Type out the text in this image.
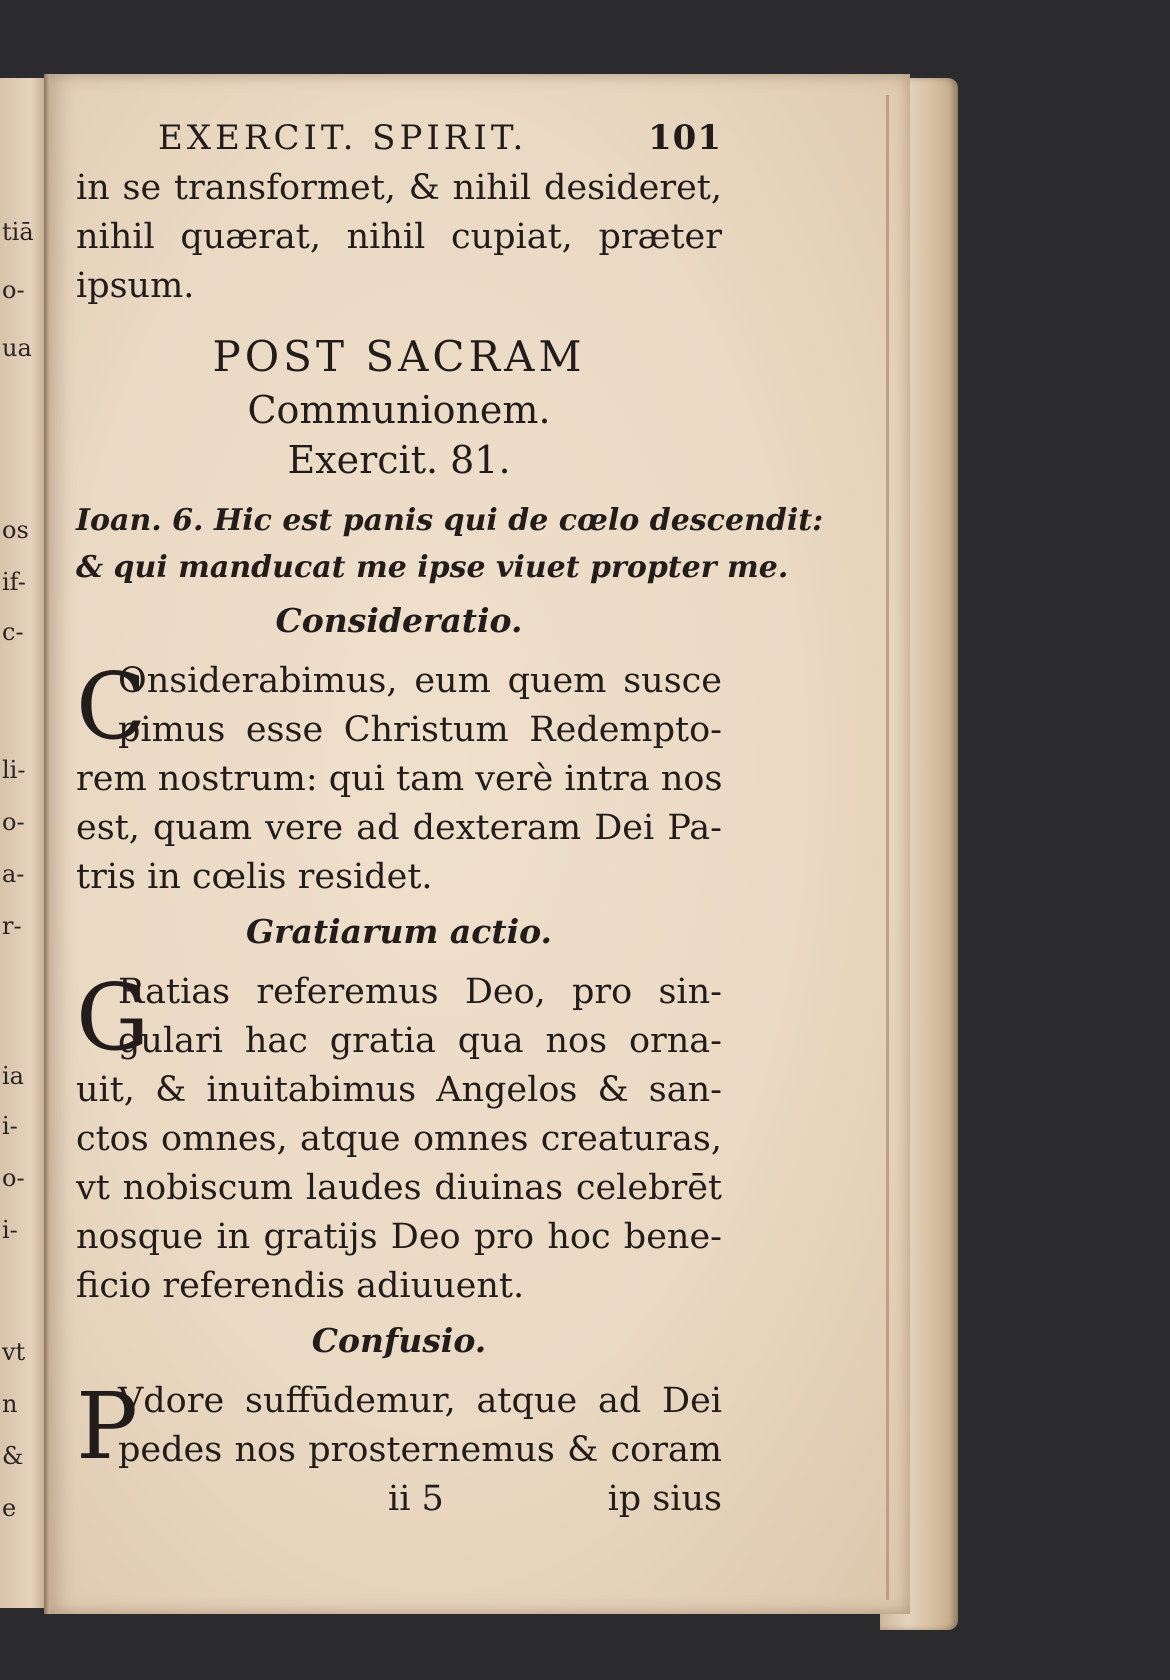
tiā
o-
ua
os
if-
c-
li-
o-
a-
r-
ia
i-
o-
i-
vt
n
&
e
EXERCIT. SPIRIT.	101
in se transformet, & nihil desideret,
nihil quærat, nihil cupiat, præter
ipsum.
POST SACRAM
Communionem.
Exercit. 81.
Ioan. 6. Hic est panis qui de cœlo descendit:
& qui manducat me ipse viuet propter me.
Consideratio.
C
Onsiderabimus, eum quem susce
pimus esse Christum Redempto-
rem nostrum: qui tam verè intra nos
est, quam vere ad dexteram Dei Pa-
tris in cœlis residet.
Gratiarum actio.
G
Ratias referemus Deo, pro sin-
gulari hac gratia qua nos orna-
uit, & inuitabimus Angelos & san-
ctos omnes, atque omnes creaturas,
vt nobiscum laudes diuinas celebrēt
nosque in gratijs Deo pro hoc bene-
ficio referendis adiuuent.
Confusio.
P
Vdore suffūdemur, atque ad Dei
pedes nos prosternemus & coram
ii 5	ip sius
